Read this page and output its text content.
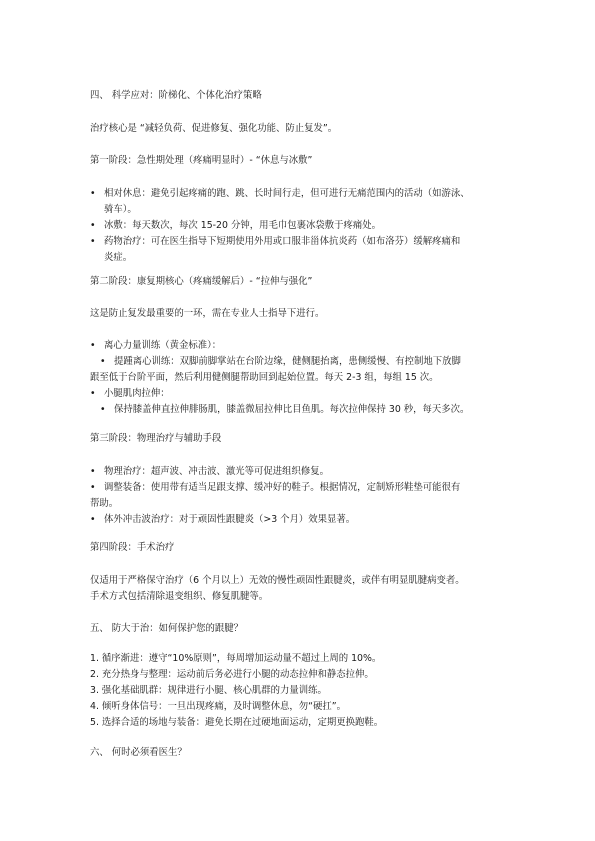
四、 科学应对：阶梯化、个体化治疗策略
治疗核心是 “减轻负荷、促进修复、强化功能、防止复发”。
第一阶段：急性期处理（疼痛明显时）- “休息与冰敷”
• 相对休息：避免引起疼痛的跑、跳、长时间行走，但可进行无痛范围内的活动（如游泳、
骑车）。
• 冰敷：每天数次，每次 15-20 分钟，用毛巾包裹冰袋敷于疼痛处。
• 药物治疗：可在医生指导下短期使用外用或口服非甾体抗炎药（如布洛芬）缓解疼痛和
炎症。
第二阶段：康复期核心（疼痛缓解后）- “拉伸与强化”
这是防止复发最重要的一环，需在专业人士指导下进行。
• 离心力量训练（黄金标准）：
• 提踵离心训练：双脚前脚掌站在台阶边缘，健侧腿抬离，患侧缓慢、有控制地下放脚
跟至低于台阶平面，然后利用健侧腿帮助回到起始位置。每天 2-3 组，每组 15 次。
• 小腿肌肉拉伸：
• 保持膝盖伸直拉伸腓肠肌，膝盖微屈拉伸比目鱼肌。每次拉伸保持 30 秒，每天多次。
第三阶段：物理治疗与辅助手段
• 物理治疗：超声波、冲击波、激光等可促进组织修复。
• 调整装备：使用带有适当足跟支撑、缓冲好的鞋子。根据情况，定制矫形鞋垫可能很有
帮助。
• 体外冲击波治疗：对于顽固性跟腱炎（>3 个月）效果显著。
第四阶段：手术治疗
仅适用于严格保守治疗（6 个月以上）无效的慢性顽固性跟腱炎，或伴有明显肌腱病变者。
手术方式包括清除退变组织、修复肌腱等。
五、 防大于治：如何保护您的跟腱？
1. 循序渐进：遵守“10%原则”，每周增加运动量不超过上周的 10%。
2. 充分热身与整理：运动前后务必进行小腿的动态拉伸和静态拉伸。
3. 强化基础肌群：规律进行小腿、核心肌群的力量训练。
4. 倾听身体信号：一旦出现疼痛，及时调整休息，勿“硬扛”。
5. 选择合适的场地与装备：避免长期在过硬地面运动，定期更换跑鞋。
六、 何时必须看医生？
